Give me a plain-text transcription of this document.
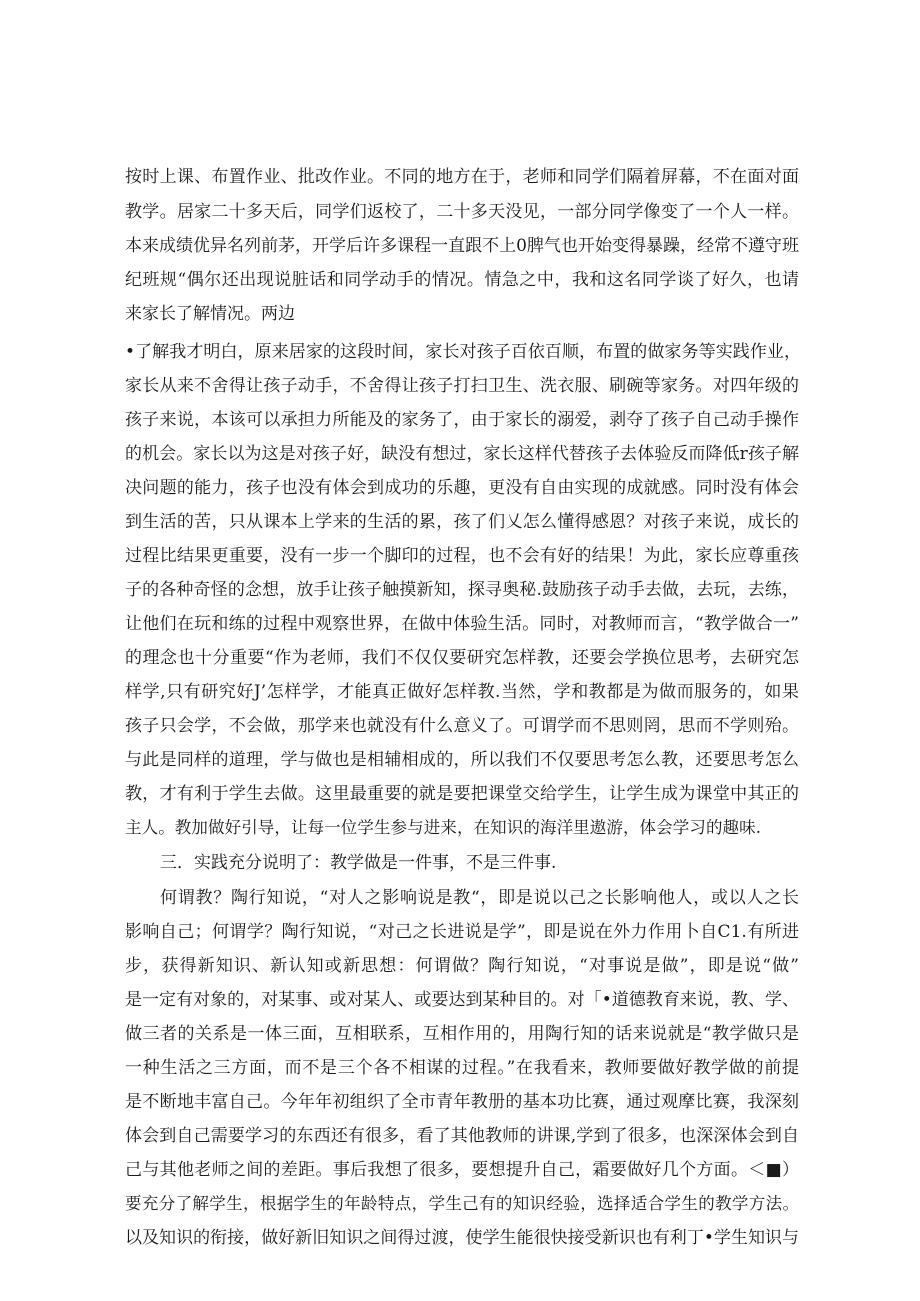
按时上课、布置作业、批改作业。不同的地方在于，老师和同学们隔着屏幕，不在面对面
教学。居家二十多天后，同学们返校了，二十多天没见，一部分同学像变了一个人一样。
本来成绩优异名列前茅，开学后许多课程一直跟不上0脾气也开始变得暴躁，经常不遵守班
纪班规“偶尔还出现说脏话和同学动手的情况。情急之中，我和这名同学谈了好久，也请
来家长了解情况。两边
•了解我才明白，原来居家的这段时间，家长对孩子百依百顺，布置的做家务等实践作业，
家长从来不舍得让孩子动手，不舍得让孩子打扫卫生、洗衣服、刷碗等家务。对四年级的
孩子来说，本该可以承担力所能及的家务了，由于家长的溺爱，剥夺了孩子自己动手操作
的机会。家长以为这是对孩子好，缺没有想过，家长这样代替孩子去体验反而降低r孩子解
决问题的能力，孩子也没有体会到成功的乐趣，更没有自由实现的成就感。同时没有体会
到生活的苦，只从课本上学来的生活的累，孩了们乂怎么懂得感恩？对孩子来说，成长的
过程比结果更重要，没有一步一个脚印的过程，也不会有好的结果！为此，家长应尊重孩
子的各种奇怪的念想，放手让孩子触摸新知，探寻奥秘.鼓励孩子动手去做，去玩，去练，
让他们在玩和练的过程中观察世界，在做中体验生活。同时，对教师而言，“教学做合一”
的理念也十分重要“作为老师，我们不仅仅要研究怎样教，还要会学换位思考，去研究怎
样学,只有研究好J’怎样学，才能真正做好怎样教.当然，学和教都是为做而服务的，如果
孩子只会学，不会做，那学来也就没有什么意义了。可谓学而不思则罔，思而不学则殆。
与此是同样的道理，学与做也是相辅相成的，所以我们不仅要思考怎么教，还要思考怎么
教，才有利于学生去做。这里最重要的就是要把课堂交给学生，让学生成为课堂中其正的
主人。教加做好引导，让每一位学生参与进来，在知识的海洋里遨游，体会学习的趣味.
三．实践充分说明了：教学做是一件事，不是三件事.
何谓教？陶行知说，“对人之影响说是教“，即是说以己之长影响他人，或以人之长
影响自己；何谓学？陶行知说，“对己之长进说是学”，即是说在外力作用卜自C1.有所进
步，获得新知识、新认知或新思想：何谓做？陶行知说，“对事说是做”，即是说“做”
是一定有对象的，对某事、或对某人、或要达到某种目的。对「•道德教育来说，教、学、
做三者的关系是一体三面，互相联系，互相作用的，用陶行知的话来说就是“教学做只是
一种生活之三方面，而不是三个各不相谋的过程。”在我看来，教师要做好教学做的前提
是不断地丰富自己。今年年初组织了全市青年教册的基本功比赛，通过观摩比赛，我深刻
体会到自己需要学习的东西还有很多，看了其他教师的讲课,学到了很多，也深深体会到自
己与其他老师之间的差距。事后我想了很多，要想提升自己，霜要做好几个方面。＜■）
要充分了解学生，根据学生的年龄特点，学生己有的知识经验，选择适合学生的教学方法。
以及知识的衔接，做好新旧知识之间得过渡，使学生能很快接受新识也有利丁•学生知识与
